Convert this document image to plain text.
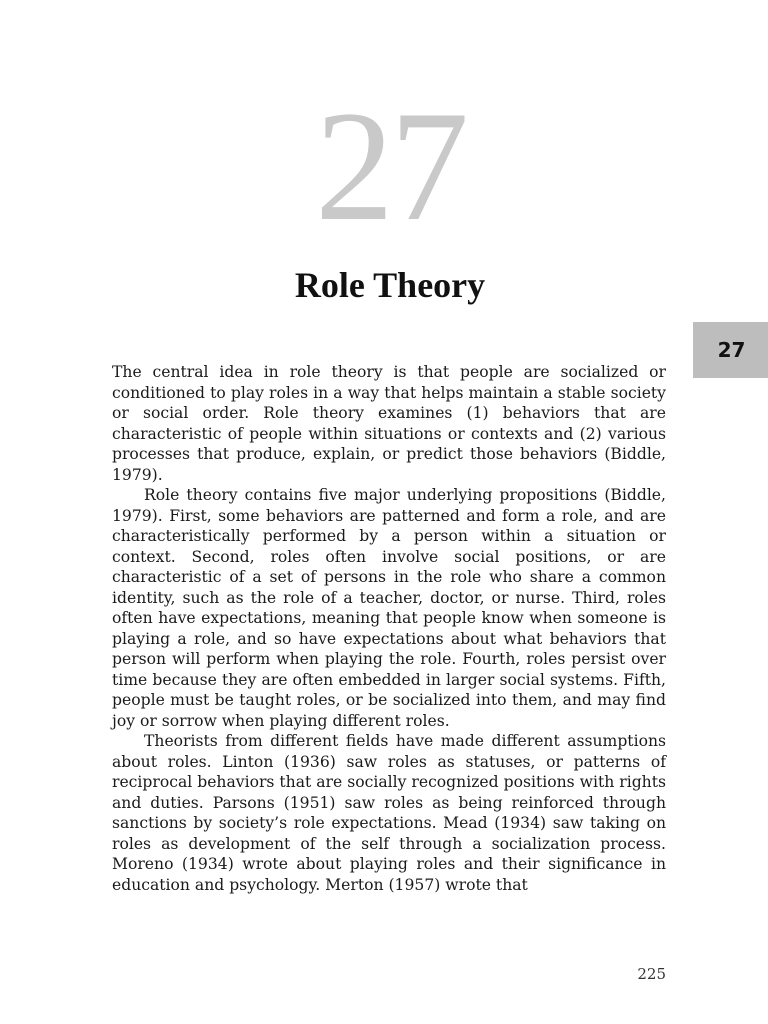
27
Role Theory
27

The central idea in role theory is that people are socialized or conditioned to play roles in a way that helps maintain a stable society or social order. Role theory examines (1) behaviors that are characteristic of people within situations or contexts and (2) various processes that produce, explain, or predict those behaviors (Biddle, 1979).

Role theory contains five major underlying propositions (Biddle, 1979). First, some behaviors are patterned and form a role, and are characteristically performed by a person within a situation or context. Second, roles often involve social positions, or are characteristic of a set of persons in the role who share a common identity, such as the role of a teacher, doctor, or nurse. Third, roles often have expectations, meaning that people know when someone is playing a role, and so have expectations about what behaviors that person will perform when playing the role. Fourth, roles persist over time because they are often embedded in larger social systems. Fifth, people must be taught roles, or be socialized into them, and may find joy or sorrow when playing different roles.

Theorists from different fields have made different assumptions about roles. Linton (1936) saw roles as statuses, or patterns of reciprocal behaviors that are socially recognized positions with rights and duties. Parsons (1951) saw roles as being reinforced through sanctions by society’s role expectations. Mead (1934) saw taking on roles as development of the self through a socialization process. Moreno (1934) wrote about playing roles and their significance in education and psychology. Merton (1957) wrote that

225
